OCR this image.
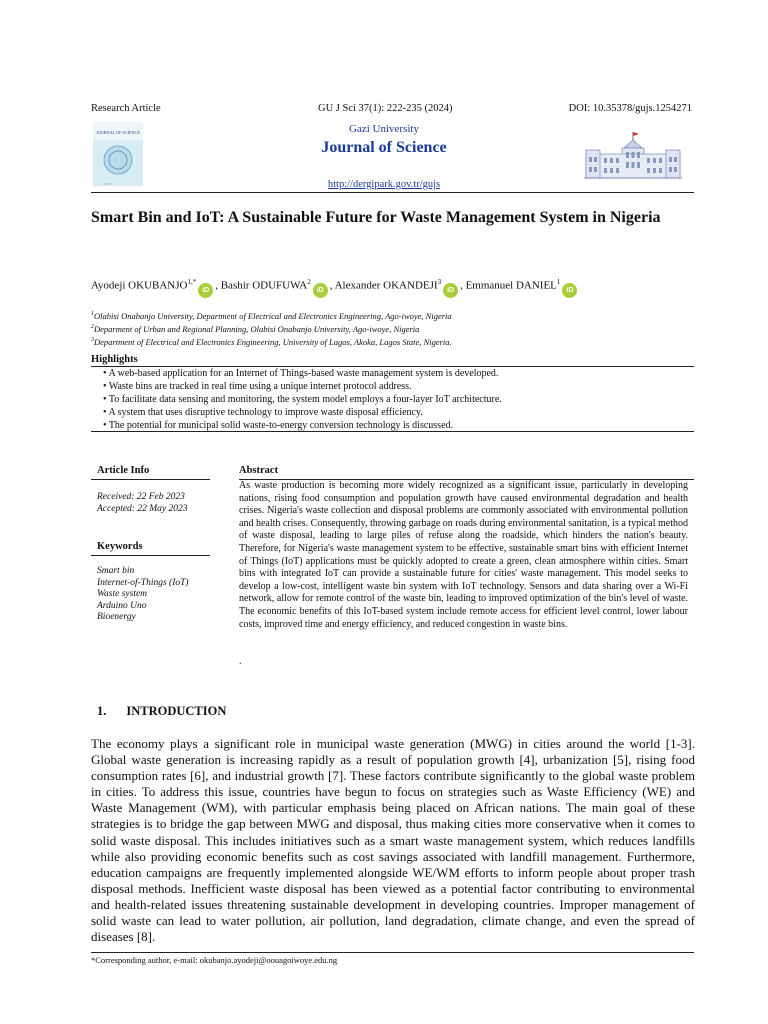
Research Article	GU J Sci 37(1): 222-235 (2024)	DOI: 10.35378/gujs.1254271
JOURNAL OF SCIENCE	Gazi University
Journal of Science
http://dergipark.gov.tr/gujs
Smart Bin and IoT: A Sustainable Future for Waste Management System in Nigeria
Ayodeji $OKUBANJO^{1,*}iD$ , Bashir ODUFUWA$^2$iD , Alexander OKANDEJI$^3$iD , Emmanuel DANIEL$^1$iD
$^1$Olabisi Onabanjo University, Department of Electrical and Electronics Engineering, Ago-iwoye, Nigeria
$^2$Deparment of Urban and Regional Planning, Olabisi Onabanjo University, Ago-iwoye, Nigeria
$^3$Department of Electrical and Electronics Engineering, University of Lagos, Akoka, Lagos State, Nigeria.
Highlights
• A web-based application for an Internet of Things-based waste management system is developed.
• Waste bins are tracked in real time using a unique internet protocol address.
• To facilitate data sensing and monitoring, the system model employs a four-layer IoT architecture.
• A system that uses disruptive technology to improve waste disposal efficiency.
• The potential for municipal solid waste-to-energy conversion technology is discussed.
Article Info
Received: 22 Feb 2023
Accepted: 22 May 2023
Keywords
Smart bin
Internet-of-Things (IoT)
Waste system
Arduino Uno
Bioenergy
Abstract
As waste production is becoming more widely recognized as a significant issue, particularly in developing nations, rising food consumption and population growth have caused environmental degradation and health crises. Nigeria's waste collection and disposal problems are commonly associated with environmental pollution and health crises. Consequently, throwing garbage on roads during environmental sanitation, is a typical method of waste disposal, leading to large piles of refuse along the roadside, which hinders the nation's beauty. Therefore, for Nigeria's waste management system to be effective, sustainable smart bins with efficient Internet of Things (IoT) applications must be quickly adopted to create a green, clean atmosphere within cities. Smart bins with integrated IoT can provide a sustainable future for cities' waste management. This model seeks to develop a low-cost, intelligent waste bin system with IoT technology. Sensors and data sharing over a Wi-Fi network, allow for remote control of the waste bin, leading to improved optimization of the bin's level of waste. The economic benefits of this IoT-based system include remote access for efficient level control, lower labour costs, improved time and energy efficiency, and reduced congestion in waste bins.
.
1. INTRODUCTION
The economy plays a significant role in municipal waste generation (MWG) in cities around the world [1-3]. Global waste generation is increasing rapidly as a result of population growth [4], urbanization [5], rising food consumption rates [6], and industrial growth [7]. These factors contribute significantly to the global waste problem in cities. To address this issue, countries have begun to focus on strategies such as Waste Efficiency (WE) and Waste Management (WM), with particular emphasis being placed on African nations. The main goal of these strategies is to bridge the gap between MWG and disposal, thus making cities more conservative when it comes to solid waste disposal. This includes initiatives such as a smart waste management system, which reduces landfills while also providing economic benefits such as cost savings associated with landfill management. Furthermore, education campaigns are frequently implemented alongside WE/WM efforts to inform people about proper trash disposal methods. Inefficient waste disposal has been viewed as a potential factor contributing to environmental and health-related issues threatening sustainable development in developing countries. Improper management of solid waste can lead to water pollution, air pollution, land degradation, climate change, and even the spread of diseases [8].
*Corresponding author, e-mail: okubanjo.ayodeji@oouagoiwoye.edu.ng
